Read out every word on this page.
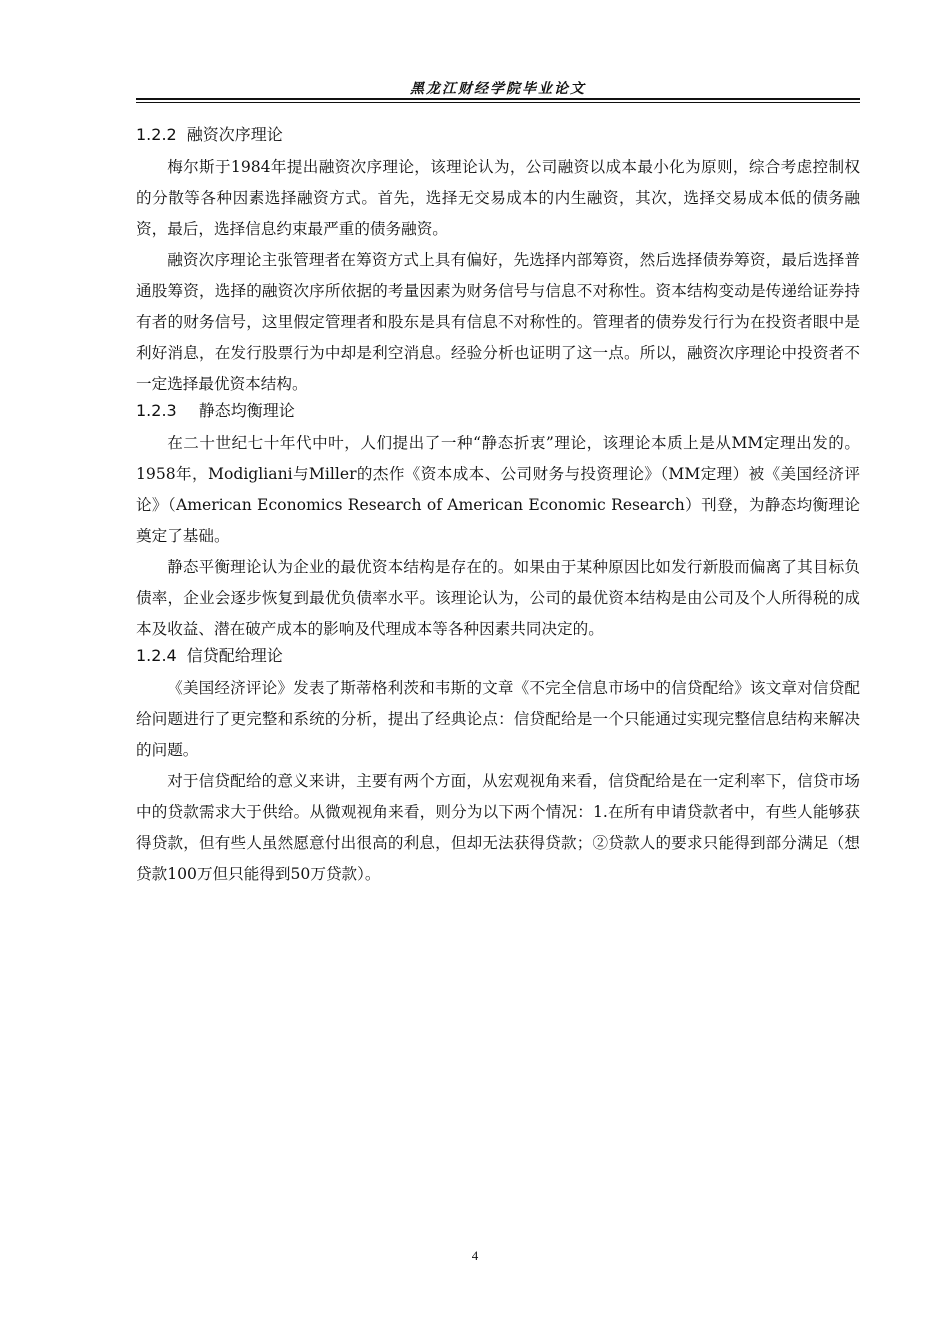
黑龙江财经学院毕业论文
1.2.2 融资次序理论

梅尔斯于1984年提出融资次序理论，该理论认为，公司融资以成本最小化为原则，综合考虑控制权的分散等各种因素选择融资方式。首先，选择无交易成本的内生融资，其次，选择交易成本低的债务融资，最后，选择信息约束最严重的债务融资。

融资次序理论主张管理者在筹资方式上具有偏好，先选择内部筹资，然后选择债券筹资，最后选择普通股筹资，选择的融资次序所依据的考量因素为财务信号与信息不对称性。资本结构变动是传递给证券持有者的财务信号，这里假定管理者和股东是具有信息不对称性的。管理者的债券发行行为在投资者眼中是利好消息，在发行股票行为中却是利空消息。经验分析也证明了这一点。所以，融资次序理论中投资者不一定选择最优资本结构。

1.2.3 静态均衡理论

在二十世纪七十年代中叶，人们提出了一种“静态折衷”理论，该理论本质上是从MM定理出发的。1958年，Modigliani与Miller的杰作《资本成本、公司财务与投资理论》（MM定理）被《美国经济评论》（American Economics Research of American Economic Research）刊登，为静态均衡理论奠定了基础。

静态平衡理论认为企业的最优资本结构是存在的。如果由于某种原因比如发行新股而偏离了其目标负债率，企业会逐步恢复到最优负债率水平。该理论认为，公司的最优资本结构是由公司及个人所得税的成本及收益、潜在破产成本的影响及代理成本等各种因素共同决定的。

1.2.4 信贷配给理论

《美国经济评论》发表了斯蒂格利茨和韦斯的文章《不完全信息市场中的信贷配给》该文章对信贷配给问题进行了更完整和系统的分析，提出了经典论点：信贷配给是一个只能通过实现完整信息结构来解决的问题。

对于信贷配给的意义来讲，主要有两个方面，从宏观视角来看，信贷配给是在一定利率下，信贷市场中的贷款需求大于供给。从微观视角来看，则分为以下两个情况：1.在所有申请贷款者中，有些人能够获得贷款，但有些人虽然愿意付出很高的利息，但却无法获得贷款；②贷款人的要求只能得到部分满足（想贷款100万但只能得到50万贷款）。

4
